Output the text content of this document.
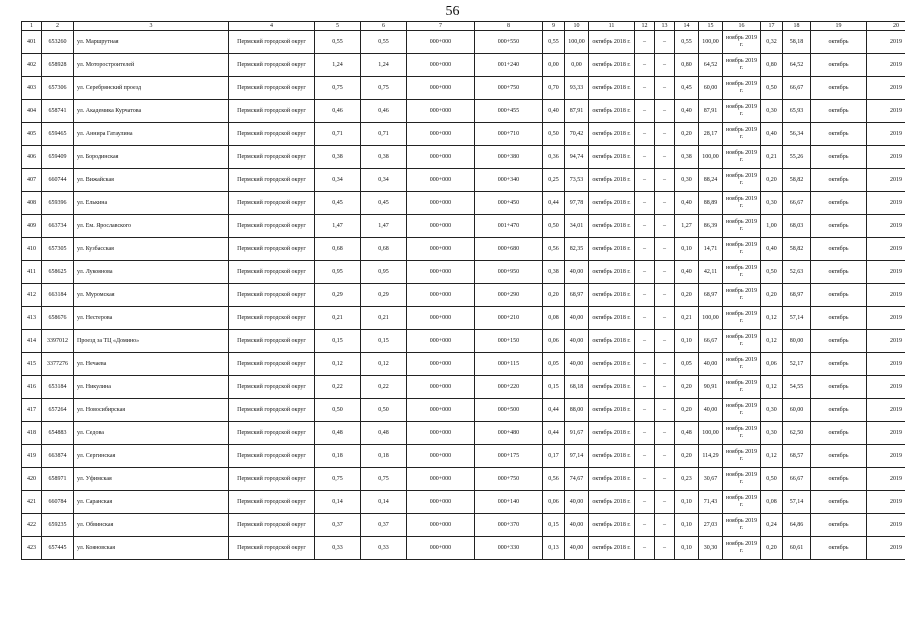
56
1	2	3	4	5	6	7	8	9	10	11	12	13	14	15	16	17	18	19	20
401	653260	ул. Маршрутная	Пермский городской округ	0,55	0,55	000+000	000+550	0,55	100,00	октябрь 2018 г.	–	–	0,55	100,00	ноябрь 2019 г.	0,32	58,18	октябрь	2019
402	658928	ул. Моторостроителей	Пермский городской округ	1,24	1,24	000+000	001+240	0,00	0,00	октябрь 2018 г.	–	–	0,80	64,52	ноябрь 2019 г.	0,80	64,52	октябрь	2019
403	657306	ул. Серебрянский проезд	Пермский городской округ	0,75	0,75	000+000	000+750	0,70	93,33	октябрь 2018 г.	–	–	0,45	60,00	ноябрь 2019 г.	0,50	66,67	октябрь	2019
404	658741	ул. Академика Курчатова	Пермский городской округ	0,46	0,46	000+000	000+455	0,40	87,91	октябрь 2018 г.	–	–	0,40	87,91	ноябрь 2019 г.	0,30	65,93	октябрь	2019
405	659465	ул. Аннира Гатаулина	Пермский городской округ	0,71	0,71	000+000	000+710	0,50	70,42	октябрь 2018 г.	–	–	0,20	28,17	ноябрь 2019 г.	0,40	56,34	октябрь	2019
406	659409	ул. Бородинская	Пермский городской округ	0,38	0,38	000+000	000+380	0,36	94,74	октябрь 2018 г.	–	–	0,38	100,00	ноябрь 2019 г.	0,21	55,26	октябрь	2019
407	660744	ул. Вижайская	Пермский городской округ	0,34	0,34	000+000	000+340	0,25	73,53	октябрь 2018 г.	–	–	0,30	88,24	ноябрь 2019 г.	0,20	58,82	октябрь	2019
408	659396	ул. Елькина	Пермский городской округ	0,45	0,45	000+000	000+450	0,44	97,78	октябрь 2018 г.	–	–	0,40	88,89	ноябрь 2019 г.	0,30	66,67	октябрь	2019
409	663734	ул. Ем. Ярославского	Пермский городской округ	1,47	1,47	000+000	001+470	0,50	34,01	октябрь 2018 г.	–	–	1,27	86,39	ноябрь 2019 г.	1,00	68,03	октябрь	2019
410	657305	ул. Кузбасская	Пермский городской округ	0,68	0,68	000+000	000+680	0,56	82,35	октябрь 2018 г.	–	–	0,10	14,71	ноябрь 2019 г.	0,40	58,82	октябрь	2019
411	658625	ул. Лукоянова	Пермский городской округ	0,95	0,95	000+000	000+950	0,38	40,00	октябрь 2018 г.	–	–	0,40	42,11	ноябрь 2019 г.	0,50	52,63	октябрь	2019
412	663184	ул. Муромская	Пермский городской округ	0,29	0,29	000+000	000+290	0,20	68,97	октябрь 2018 г.	–	–	0,20	68,97	ноябрь 2019 г.	0,20	68,97	октябрь	2019
413	658676	ул. Нестерова	Пермский городской округ	0,21	0,21	000+000	000+210	0,08	40,00	октябрь 2018 г.	–	–	0,21	100,00	ноябрь 2019 г.	0,12	57,14	октябрь	2019
414	3397012	Проезд за ТЦ «Домино»	Пермский городской округ	0,15	0,15	000+000	000+150	0,06	40,00	октябрь 2018 г.	–	–	0,10	66,67	ноябрь 2019 г.	0,12	80,00	октябрь	2019
415	3377276	ул. Нечаева	Пермский городской округ	0,12	0,12	000+000	000+115	0,05	40,00	октябрь 2018 г.	–	–	0,05	40,00	ноябрь 2019 г.	0,06	52,17	октябрь	2019
416	653184	ул. Никулина	Пермский городской округ	0,22	0,22	000+000	000+220	0,15	68,18	октябрь 2018 г.	–	–	0,20	90,91	ноябрь 2019 г.	0,12	54,55	октябрь	2019
417	657264	ул. Новосибирская	Пермский городской округ	0,50	0,50	000+000	000+500	0,44	88,00	октябрь 2018 г.	–	–	0,20	40,00	ноябрь 2019 г.	0,30	60,00	октябрь	2019
418	654883	ул. Седова	Пермский городской округ	0,48	0,48	000+000	000+480	0,44	91,67	октябрь 2018 г.	–	–	0,48	100,00	ноябрь 2019 г.	0,30	62,50	октябрь	2019
419	663874	ул. Сергинская	Пермский городской округ	0,18	0,18	000+000	000+175	0,17	97,14	октябрь 2018 г.	–	–	0,20	114,29	ноябрь 2019 г.	0,12	68,57	октябрь	2019
420	658971	ул. Уфимская	Пермский городской округ	0,75	0,75	000+000	000+750	0,56	74,67	октябрь 2018 г.	–	–	0,23	30,67	ноябрь 2019 г.	0,50	66,67	октябрь	2019
421	660784	ул. Саранская	Пермский городской округ	0,14	0,14	000+000	000+140	0,06	40,00	октябрь 2018 г.	–	–	0,10	71,43	ноябрь 2019 г.	0,08	57,14	октябрь	2019
422	659235	ул. Обвинская	Пермский городской округ	0,37	0,37	000+000	000+370	0,15	40,00	октябрь 2018 г.	–	–	0,10	27,03	ноябрь 2019 г.	0,24	64,86	октябрь	2019
423	657445	ул. Кояновская	Пермский городской округ	0,33	0,33	000+000	000+330	0,13	40,00	октябрь 2018 г.	–	–	0,10	30,30	ноябрь 2019 г.	0,20	60,61	октябрь	2019
